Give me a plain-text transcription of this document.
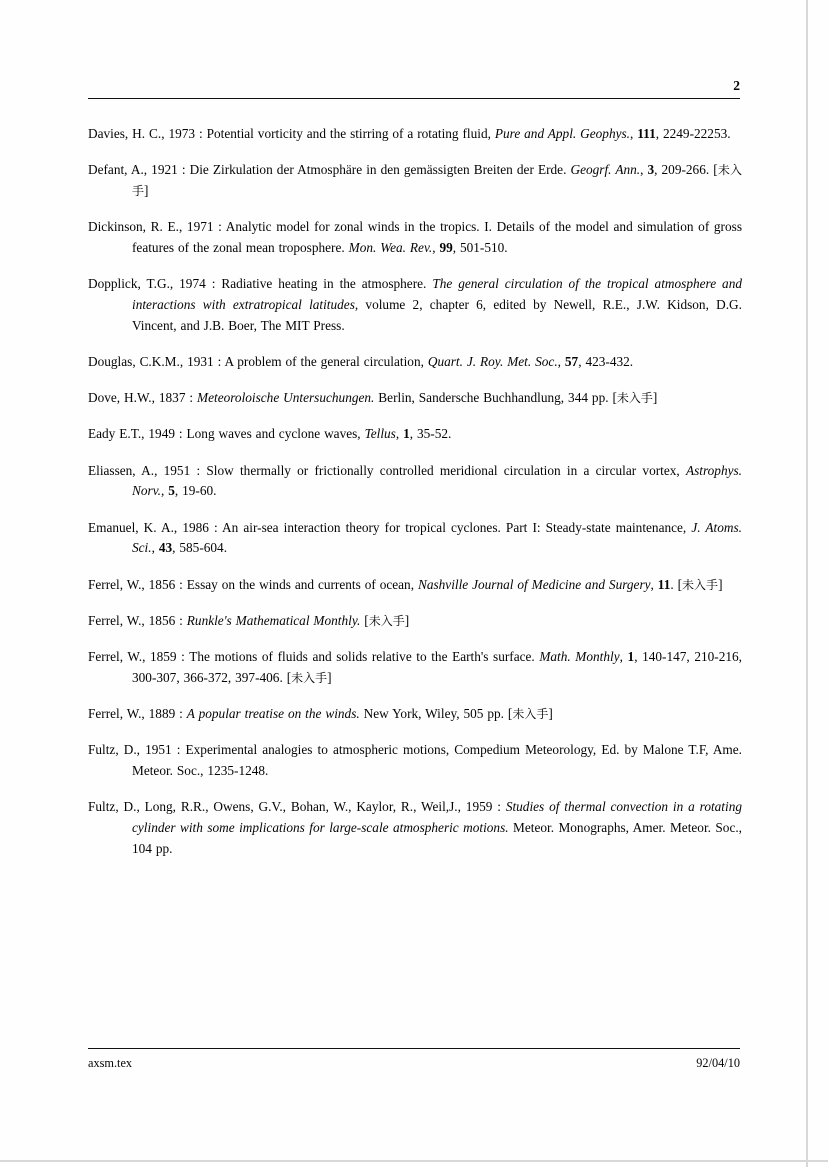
2

Davies, H. C., 1973 : Potential vorticity and the stirring of a rotating fluid, Pure and Appl. Geophys., 111, 2249-22253.

Defant, A., 1921 : Die Zirkulation der Atmosphäre in den gemässigten Breiten der Erde. Geogrf. Ann., 3, 209-266. [未入手]

Dickinson, R. E., 1971 : Analytic model for zonal winds in the tropics. I. Details of the model and simulation of gross features of the zonal mean troposphere. Mon. Wea. Rev., 99, 501-510.

Dopplick, T.G., 1974 : Radiative heating in the atmosphere. The general circulation of the tropical atmosphere and interactions with extratropical latitudes, volume 2, chapter 6, edited by Newell, R.E., J.W. Kidson, D.G. Vincent, and J.B. Boer, The MIT Press.

Douglas, C.K.M., 1931 : A problem of the general circulation, Quart. J. Roy. Met. Soc., 57, 423-432.

Dove, H.W., 1837 : Meteoroloische Untersuchungen. Berlin, Sandersche Buchhandlung, 344 pp. [未入手]

Eady E.T., 1949 : Long waves and cyclone waves, Tellus, 1, 35-52.

Eliassen, A., 1951 : Slow thermally or frictionally controlled meridional circulation in a circular vortex, Astrophys. Norv., 5, 19-60.

Emanuel, K. A., 1986 : An air-sea interaction theory for tropical cyclones. Part I: Steady-state maintenance, J. Atoms. Sci., 43, 585-604.

Ferrel, W., 1856 : Essay on the winds and currents of ocean, Nashville Journal of Medicine and Surgery, 11. [未入手]

Ferrel, W., 1856 : Runkle's Mathematical Monthly. [未入手]

Ferrel, W., 1859 : The motions of fluids and solids relative to the Earth's surface. Math. Monthly, 1, 140-147, 210-216, 300-307, 366-372, 397-406. [未入手]

Ferrel, W., 1889 : A popular treatise on the winds. New York, Wiley, 505 pp. [未入手]

Fultz, D., 1951 : Experimental analogies to atmospheric motions, Compedium Meteorology, Ed. by Malone T.F, Ame. Meteor. Soc., 1235-1248.

Fultz, D., Long, R.R., Owens, G.V., Bohan, W., Kaylor, R., Weil,J., 1959 : Studies of thermal convection in a rotating cylinder with some implications for large-scale atmospheric motions. Meteor. Monographs, Amer. Meteor. Soc., 104 pp.

axsm.tex	92/04/10
